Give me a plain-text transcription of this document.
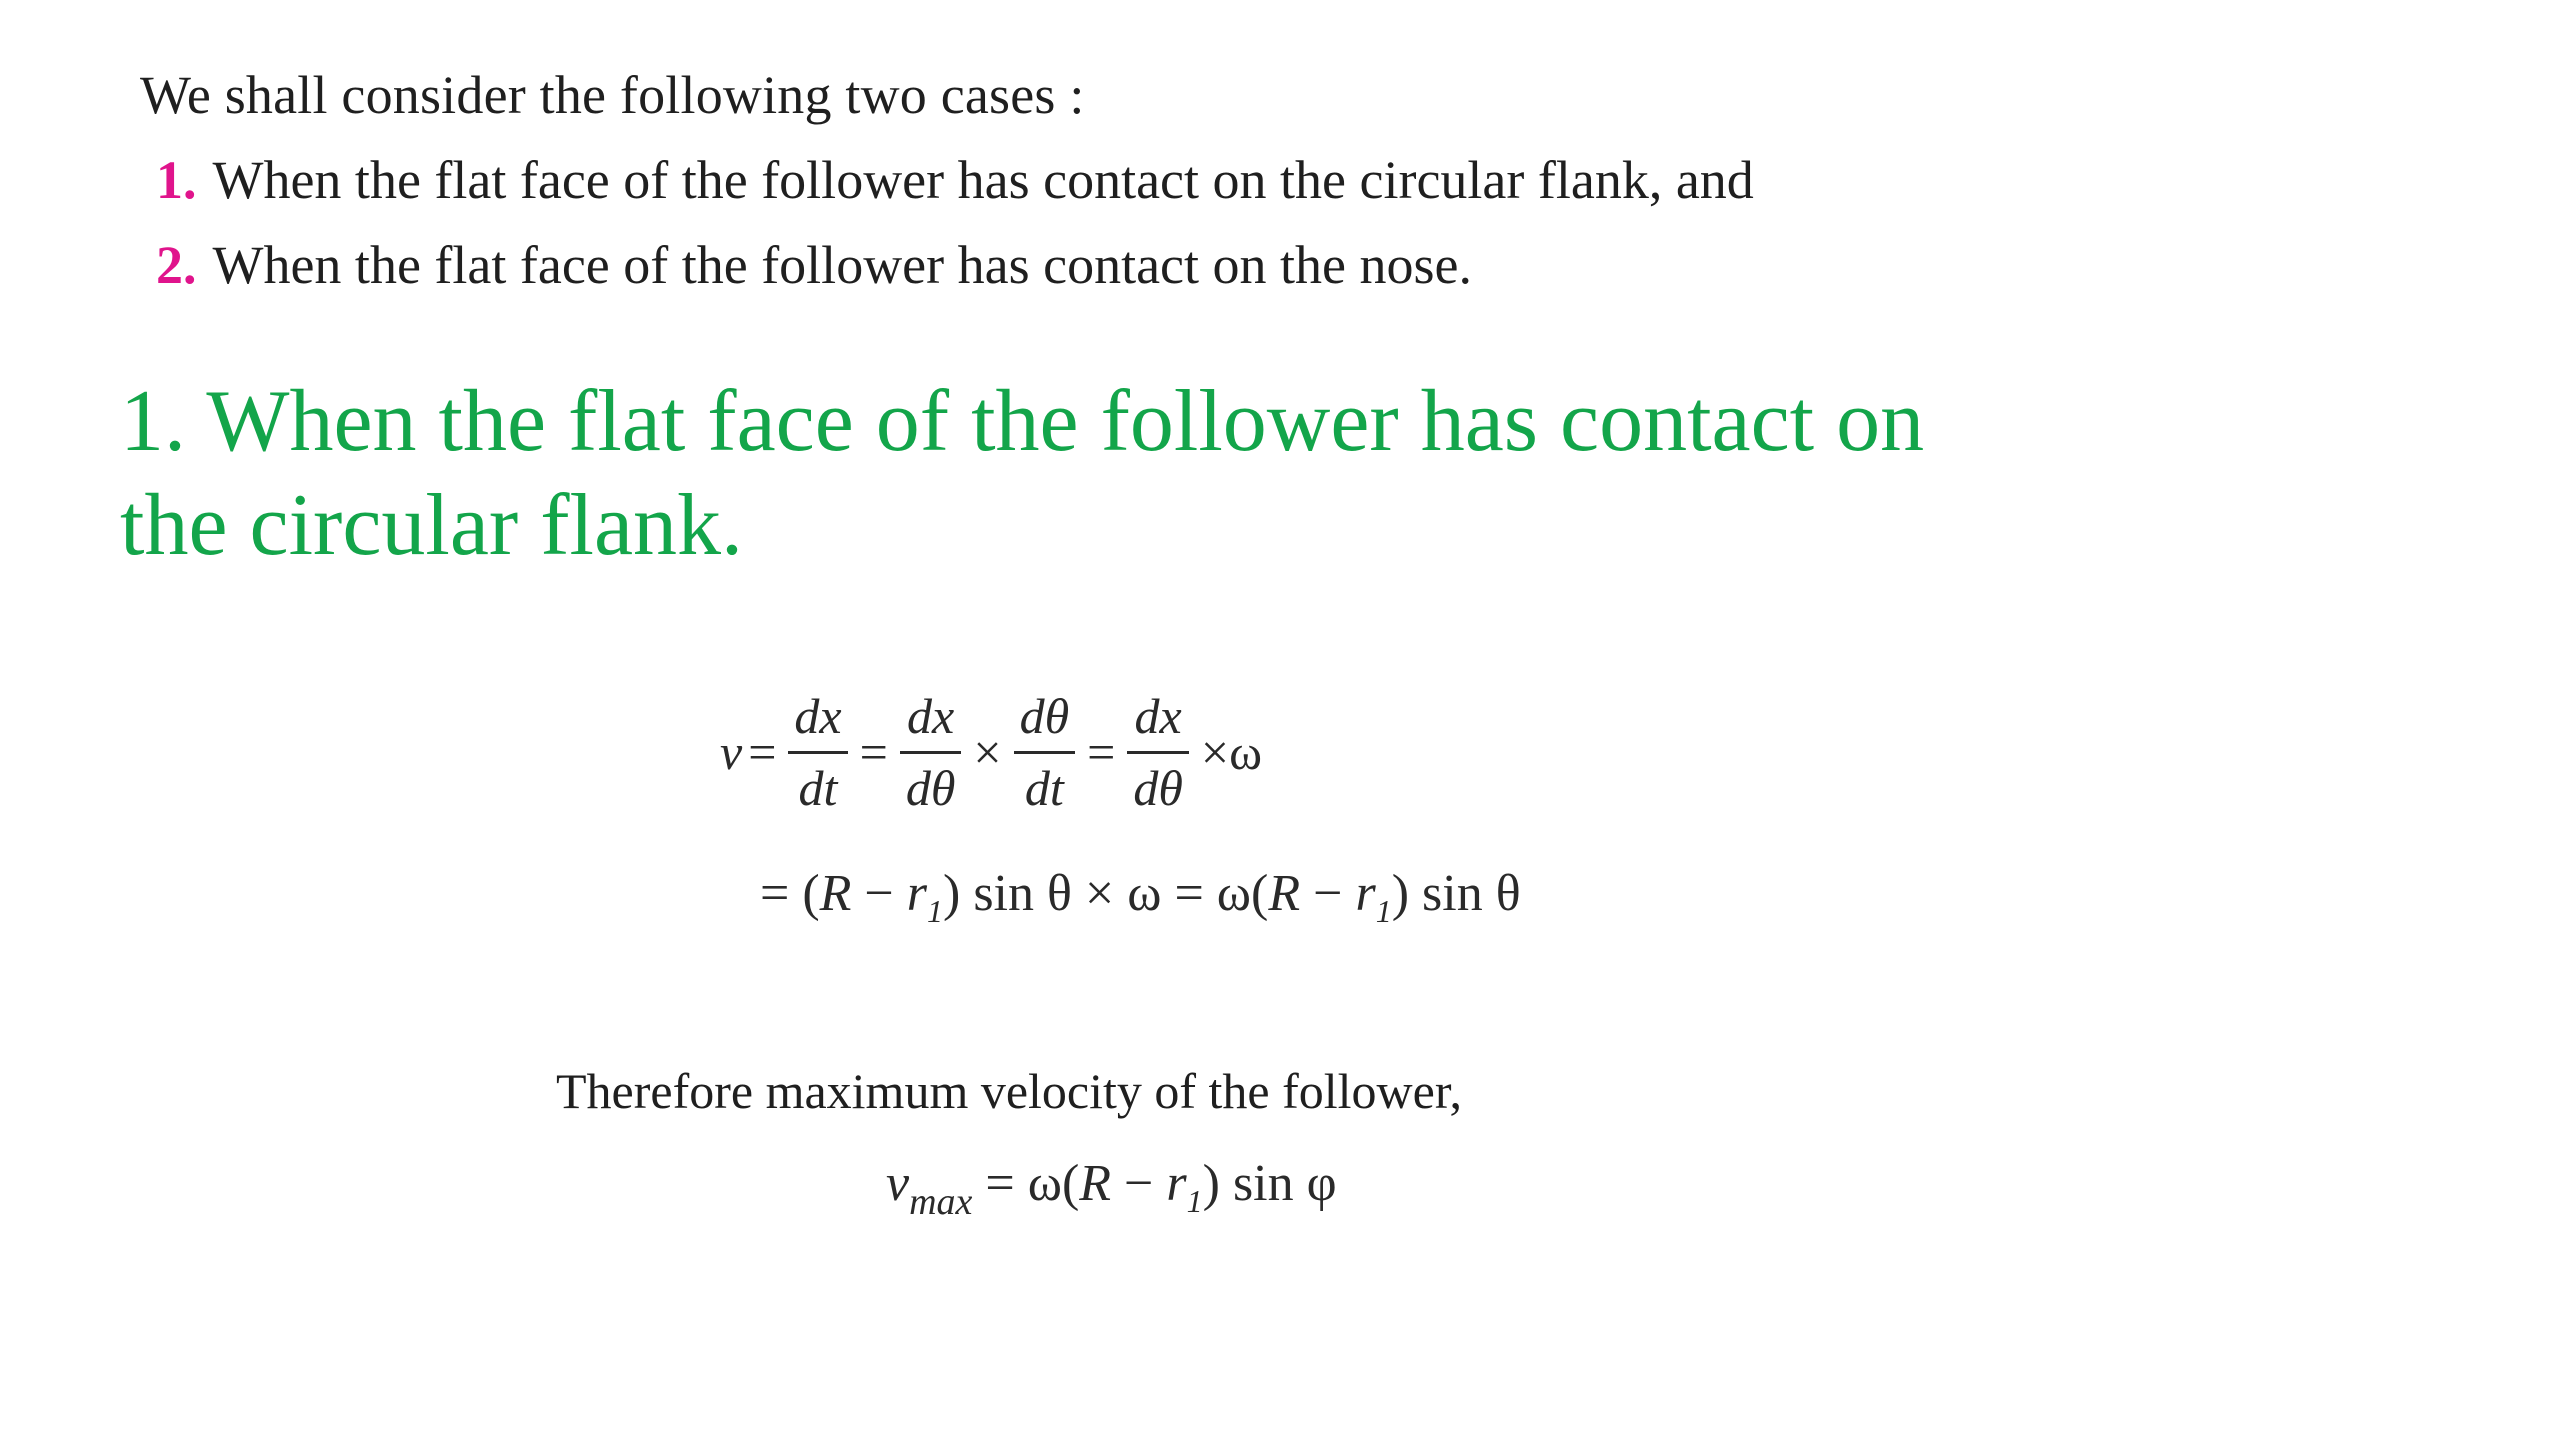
We shall consider the following two cases :
1. When the flat face of the follower has contact on the circular flank, and
2. When the flat face of the follower has contact on the nose.
1. When the flat face of the follower has contact on the circular flank.
$v = \frac{dx}{dt} = \frac{dx}{d\theta} \times \frac{d\theta}{dt} = \frac{dx}{d\theta} \times\omega$
= $(R - r_1)$ $\sin \theta \times \omega = \omega(R - r_1)$ sin θ
Therefore maximum velocity of the follower,
$v_{max} = \omega(R - r_1)$ sin φ
